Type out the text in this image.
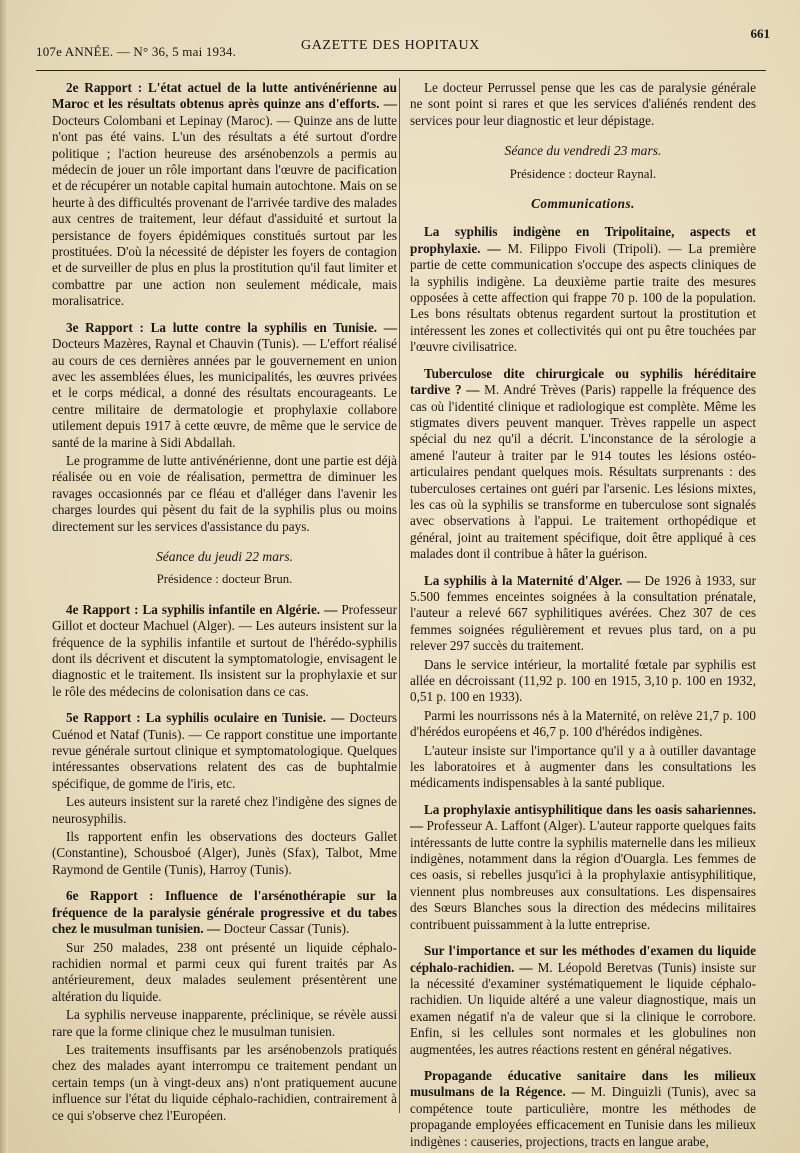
107e ANNÉE. — N° 36, 5 mai 1934.	GAZETTE DES HOPITAUX
661

2e Rapport : L'état actuel de la lutte antivénérienne au Maroc et les résultats obtenus après quinze ans d'efforts. — Docteurs Colombani et Lepinay (Maroc). — Quinze ans de lutte n'ont pas été vains. L'un des résultats a été surtout d'ordre politique ; l'action heureuse des arsénobenzols a permis au médecin de jouer un rôle important dans l'œuvre de pacification et de récupérer un notable capital humain autochtone. Mais on se heurte à des difficultés provenant de l'arrivée tardive des malades aux centres de traitement, leur défaut d'assiduité et surtout la persistance de foyers épidémiques constitués surtout par les prostituées. D'où la nécessité de dépister les foyers de contagion et de surveiller de plus en plus la prostitution qu'il faut limiter et combattre par une action non seulement médicale, mais moralisatrice.

3e Rapport : La lutte contre la syphilis en Tunisie. — Docteurs Mazères, Raynal et Chauvin (Tunis). — L'effort réalisé au cours de ces dernières années par le gouvernement en union avec les assemblées élues, les municipalités, les œuvres privées et le corps médical, a donné des résultats encourageants. Le centre militaire de dermatologie et prophylaxie collabore utilement depuis 1917 à cette œuvre, de même que le service de santé de la marine à Sidi Abdallah.

Le programme de lutte antivénérienne, dont une partie est déjà réalisée ou en voie de réalisation, permettra de diminuer les ravages occasionnés par ce fléau et d'alléger dans l'avenir les charges lourdes qui pèsent du fait de la syphilis plus ou moins directement sur les services d'assistance du pays.

Séance du jeudi 22 mars.
Présidence : docteur Brun.

4e Rapport : La syphilis infantile en Algérie. — Professeur Gillot et docteur Machuel (Alger). — Les auteurs insistent sur la fréquence de la syphilis infantile et surtout de l'hérédo-syphilis dont ils décrivent et discutent la symptomatologie, envisagent le diagnostic et le traitement. Ils insistent sur la prophylaxie et sur le rôle des médecins de colonisation dans ce cas.

5e Rapport : La syphilis oculaire en Tunisie. — Docteurs Cuénod et Nataf (Tunis). — Ce rapport constitue une importante revue générale surtout clinique et symptomatologique. Quelques intéressantes observations relatent des cas de buphtalmie spécifique, de gomme de l'iris, etc.

Les auteurs insistent sur la rareté chez l'indigène des signes de neurosyphilis.

Ils rapportent enfin les observations des docteurs Gallet (Constantine), Schousboé (Alger), Junès (Sfax), Talbot, Mme Raymond de Gentile (Tunis), Harroy (Tunis).

6e Rapport : Influence de l'arsénothérapie sur la fréquence de la paralysie générale progressive et du tabes chez le musulman tunisien. — Docteur Cassar (Tunis).

Sur 250 malades, 238 ont présenté un liquide céphalo-rachidien normal et parmi ceux qui furent traités par As antérieurement, deux malades seulement présentèrent une altération du liquide.

La syphilis nerveuse inapparente, préclinique, se révèle aussi rare que la forme clinique chez le musulman tunisien.

Les traitements insuffisants par les arsénobenzols pratiqués chez des malades ayant interrompu ce traitement pendant un certain temps (un à vingt-deux ans) n'ont pratiquement aucune influence sur l'état du liquide céphalo-rachidien, contrairement à ce qui s'observe chez l'Européen.

Le docteur Perrussel pense que les cas de paralysie générale ne sont point si rares et que les services d'aliénés rendent des services pour leur diagnostic et leur dépistage.

Séance du vendredi 23 mars.
Présidence : docteur Raynal.
Communications.

La syphilis indigène en Tripolitaine, aspects et prophylaxie. — M. Filippo Fivoli (Tripoli). — La première partie de cette communication s'occupe des aspects cliniques de la syphilis indigène. La deuxième partie traite des mesures opposées à cette affection qui frappe 70 p. 100 de la population. Les bons résultats obtenus regardent surtout la prostitution et intéressent les zones et collectivités qui ont pu être touchées par l'œuvre civilisatrice.

Tuberculose dite chirurgicale ou syphilis héréditaire tardive ? — M. André Trèves (Paris) rappelle la fréquence des cas où l'identité clinique et radiologique est complète. Même les stigmates divers peuvent manquer. Trèves rappelle un aspect spécial du nez qu'il a décrit. L'inconstance de la sérologie a amené l'auteur à traiter par le 914 toutes les lésions ostéo-articulaires pendant quelques mois. Résultats surprenants : des tuberculoses certaines ont guéri par l'arsenic. Les lésions mixtes, les cas où la syphilis se transforme en tuberculose sont signalés avec observations à l'appui. Le traitement orthopédique et général, joint au traitement spécifique, doit être appliqué à ces malades dont il contribue à hâter la guérison.

La syphilis à la Maternité d'Alger. — De 1926 à 1933, sur 5.500 femmes enceintes soignées à la consultation prénatale, l'auteur a relevé 667 syphilitiques avérées. Chez 307 de ces femmes soignées régulièrement et revues plus tard, on a pu relever 297 succès du traitement.

Dans le service intérieur, la mortalité fœtale par syphilis est allée en décroissant (11,92 p. 100 en 1915, 3,10 p. 100 en 1932, 0,51 p. 100 en 1933).

Parmi les nourrissons nés à la Maternité, on relève 21,7 p. 100 d'hérédos européens et 46,7 p. 100 d'hérédos indigènes.

L'auteur insiste sur l'importance qu'il y a à outiller davantage les laboratoires et à augmenter dans les consultations les médicaments indispensables à la santé publique.

La prophylaxie antisyphilitique dans les oasis sahariennes. — Professeur A. Laffont (Alger). L'auteur rapporte quelques faits intéressants de lutte contre la syphilis maternelle dans les milieux indigènes, notamment dans la région d'Ouargla. Les femmes de ces oasis, si rebelles jusqu'ici à la prophylaxie antisyphilitique, viennent plus nombreuses aux consultations. Les dispensaires des Sœurs Blanches sous la direction des médecins militaires contribuent puissamment à la lutte entreprise.

Sur l'importance et sur les méthodes d'examen du liquide céphalo-rachidien. — M. Léopold Beretvas (Tunis) insiste sur la nécessité d'examiner systématiquement le liquide céphalo-rachidien. Un liquide altéré a une valeur diagnostique, mais un examen négatif n'a de valeur que si la clinique le corrobore. Enfin, si les cellules sont normales et les globulines non augmentées, les autres réactions restent en général négatives.

Propagande éducative sanitaire dans les milieux musulmans de la Régence. — M. Dinguizli (Tunis), avec sa compétence toute particulière, montre les méthodes de propagande employées efficacement en Tunisie dans les milieux indigènes : causeries, projections, tracts en langue arabe,
